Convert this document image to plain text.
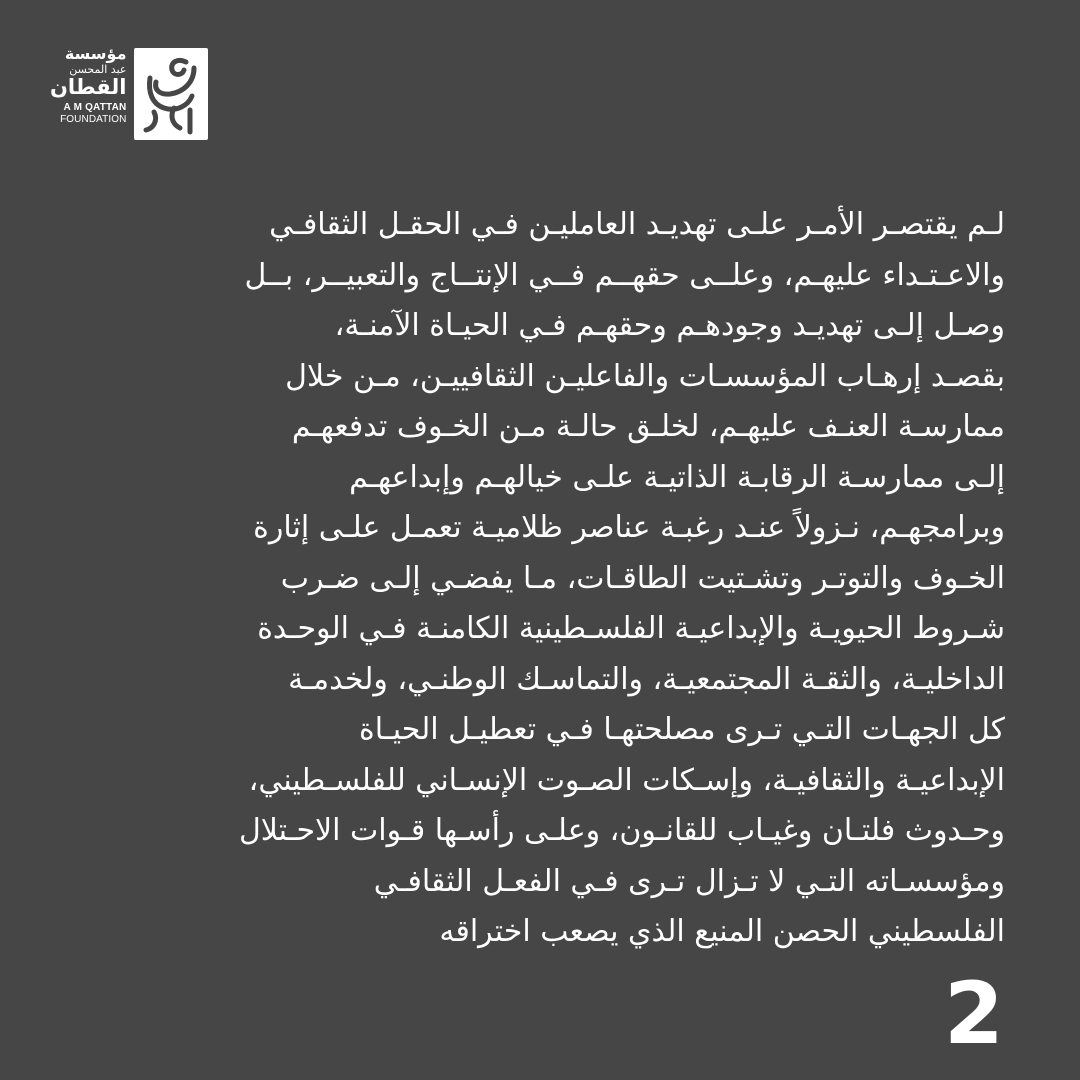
مؤسسة
عبد المحسن
القطان
A M QATTAN
FOUNDATION
لـم يقتصـر الأمـر علـى تهديـد العامليـن فـي الحقـل الثقافـي
والاعـتـداء عليهـم، وعلــى حقهــم فــي الإنتــاج والتعبيــر، بــل
وصـل إلـى تهديـد وجودهـم وحقهـم فـي الحيـاة الآمنـة،
بقصـد إرهـاب المؤسسـات والفاعليـن الثقافييـن، مـن خلال
ممارسـة العنـف عليهـم، لخلـق حالـة مـن الخـوف تدفعهـم
إلـى ممارسـة الرقابـة الذاتيـة علـى خيالهـم وإبداعهـم
وبرامجهـم، نـزولاً عنـد رغبـة عناصر ظلاميـة تعمـل علـى إثارة
الخـوف والتوتـر وتشـتيت الطاقـات، مـا يفضـي إلـى ضـرب
شـروط الحيويـة والإبداعيـة الفلسـطينية الكامنـة فـي الوحـدة
الداخليـة، والثقـة المجتمعيـة، والتماسـك الوطنـي، ولخدمـة
كل الجهـات التـي تـرى مصلحتهـا فـي تعطيـل الحيـاة
الإبداعيـة والثقافيـة، وإسـكات الصـوت الإنسـاني للفلسـطيني،
وحـدوث فلتـان وغيـاب للقانـون، وعلـى رأسـها قـوات الاحـتلال
ومؤسسـاته التـي لا تـزال تـرى فـي الفعـل الثقافـي
الفلسطيني الحصن المنيع الذي يصعب اختراقه
2
